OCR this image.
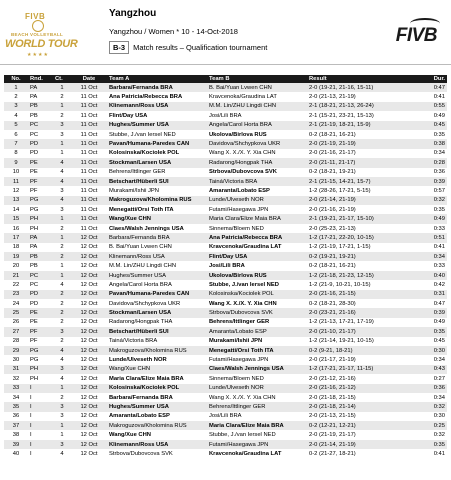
FIVB
BEACH VOLLEYBALL
WORLD TOUR
★★★★
Yangzhou
Yangzhou / Women * 10 - 14-Oct-2018
B-3 Match results – Qualification tournament
FIVB
No.	Rnd.	Ct.	Date	Team A	Team B	Result	Dur.
1	PA	1	11 Oct	Barbara/Fernanda BRA	B. Bai/Yuan Lvwen CHN	2-0 (19-21, 21-16, 15-11)	0:47
2	PA	2	11 Oct	Ana Patricia/Rebecca BRA	Kravcenoka/Graudina LAT	2-0 (21-13, 21-19)	0:41
3	PB	1	11 Oct	Klinemann/Ross USA	M.M. Lin/ZHU Lingdi CHN	2-1 (18-21, 21-13, 26-24)	0:55
4	PB	2	11 Oct	Flint/Day USA	Josi/Lili BRA	2-1 (15-21, 23-21, 15-13)	0:49
5	PC	3	11 Oct	Hughes/Summer USA	Angela/Carol Horta BRA	2-1 (21-19, 18-21, 15-9)	0:45
6	PC	3	11 Oct	Stubbe, J./van Iersel NED	Ukolova/Birlova RUS	0-2 (18-21, 16-21)	0:35
7	PD	1	11 Oct	Pavan/Humana-Paredes CAN	Davidova/Shchypkova UKR	2-0 (21-19, 21-19)	0:38
8	PD	1	11 Oct	Kolosinska/Kociolek POL	Wang X. X./X. Y. Xia CHN	2-0 (21-16, 21-17)	0:34
9	PE	4	11 Oct	Stockman/Larsen USA	Radarong/Hongpak THA	2-0 (21-11, 21-17)	0:28
10	PE	4	11 Oct	Behrens/Ittlinger GER	Strbova/Dubovcova SVK	0-2 (18-21, 19-21)	0:36
11	PF	4	11 Oct	Betschart/Hüberli SUI	Tainá/Victoria BRA	2-1 (21-15, 14-21, 15-7)	0:39
12	PF	3	11 Oct	Murakami/Ishii JPN	Amaranta/Lobato ESP	1-2 (28-26, 17-21, 5-15)	0:57
13	PG	4	11 Oct	Makroguzova/Kholomina RUS	Lunde/Ulveseth NOR	2-0 (21-14, 21-19)	0:32
14	PG	3	11 Oct	Menegatti/Orsi Toth ITA	Futami/Hasegawa JPN	2-0 (21-16, 21-19)	0:35
15	PH	1	11 Oct	Wang/Xue CHN	Maria Clara/Elize Maia BRA	2-1 (19-21, 21-17, 15-10)	0:49
16	PH	2	11 Oct	Claes/Walsh Jennings USA	Sinnema/Bloem NED	2-0 (25-23, 21-13)	0:33
17	PA	1	12 Oct	Barbara/Fernanda BRA	Ana Patricia/Rebecca BRA	1-2 (17-21, 22-20, 10-15)	0:51
18	PA	2	12 Oct	B. Bai/Yuan Lvwen CHN	Kravcenoka/Graudina LAT	1-2 (21-19, 17-21, 1-15)	0:41
19	PB	2	12 Oct	Klinemann/Ross USA	Flint/Day USA	0-2 (19-21, 19-21)	0:34
20	PB	1	12 Oct	M.M. Lin/ZHU Lingdi CHN	Josi/Lili BRA	0-2 (18-21, 16-21)	0:33
21	PC	1	12 Oct	Hughes/Summer USA	Ukolova/Birlova RUS	1-2 (21-18, 21-23, 12-15)	0:40
22	PC	4	12 Oct	Angela/Carol Horta BRA	Stubbe, J./van Iersel NED	1-2 (21-9, 10-21, 10-15)	0:42
23	PD	2	12 Oct	Pavan/Humana-Paredes CAN	Kolosinska/Kociolek POL	2-0 (21-16, 21-15)	0:31
24	PD	2	12 Oct	Davidova/Shchypkova UKR	Wang X. X./X. Y. Xia CHN	0-2 (18-21, 28-30)	0:47
25	PE	2	12 Oct	Stockman/Larsen USA	Strbova/Dubovcova SVK	2-0 (23-21, 21-16)	0:39
26	PE	2	12 Oct	Radarong/Hongpak THA	Behrens/Ittlinger GER	1-2 (21-13, 17-21, 17-19)	0:49
27	PF	3	12 Oct	Betschart/Hüberli SUI	Amaranta/Lobato ESP	2-0 (21-10, 21-17)	0:35
28	PF	2	12 Oct	Tainá/Victoria BRA	Murakami/Ishii JPN	1-2 (21-14, 19-21, 10-15)	0:45
29	PG	4	12 Oct	Makroguzova/Kholomina RUS	Menegatti/Orsi Toth ITA	0-2 (9-21, 18-21)	0:30
30	PG	4	12 Oct	Lunde/Ulveseth NOR	Futami/Hasegawa JPN	2-0 (21-17, 21-19)	0:34
31	PH	3	12 Oct	Wang/Xue CHN	Claes/Walsh Jennings USA	1-2 (17-21, 21-17, 11-15)	0:43
32	PH	4	12 Oct	Maria Clara/Elize Maia BRA	Sinnema/Bloem NED	2-0 (21-12, 21-16)	0:27
33	I	1	12 Oct	Kolosinska/Kociolek POL	Lunde/Ulveseth NOR	2-0 (21-16, 21-12)	0:36
34	I	2	12 Oct	Barbara/Fernanda BRA	Wang X. X./X. Y. Xia CHN	2-0 (21-18, 21-15)	0:34
35	I	3	12 Oct	Hughes/Summer USA	Behrens/Ittlinger GER	2-0 (21-18, 21-14)	0:32
36	I	3	12 Oct	Amaranta/Lobato ESP	Josi/Lili BRA	2-0 (21-13, 21-15)	0:30
37	I	1	12 Oct	Makroguzova/Kholomina RUS	Maria Clara/Elize Maia BRA	0-2 (12-21, 12-21)	0:25
38	I	1	12 Oct	Wang/Xue CHN	Stubbe, J./van Iersel NED	2-0 (21-19, 21-17)	0:32
39	I	3	12 Oct	Klinemann/Ross USA	Futami/Hasegawa JPN	2-0 (21-14, 21-19)	0:35
40	I	4	12 Oct	Strbova/Dubovcova SVK	Kravcenoka/Graudina LAT	0-2 (21-27, 18-21)	0:41
